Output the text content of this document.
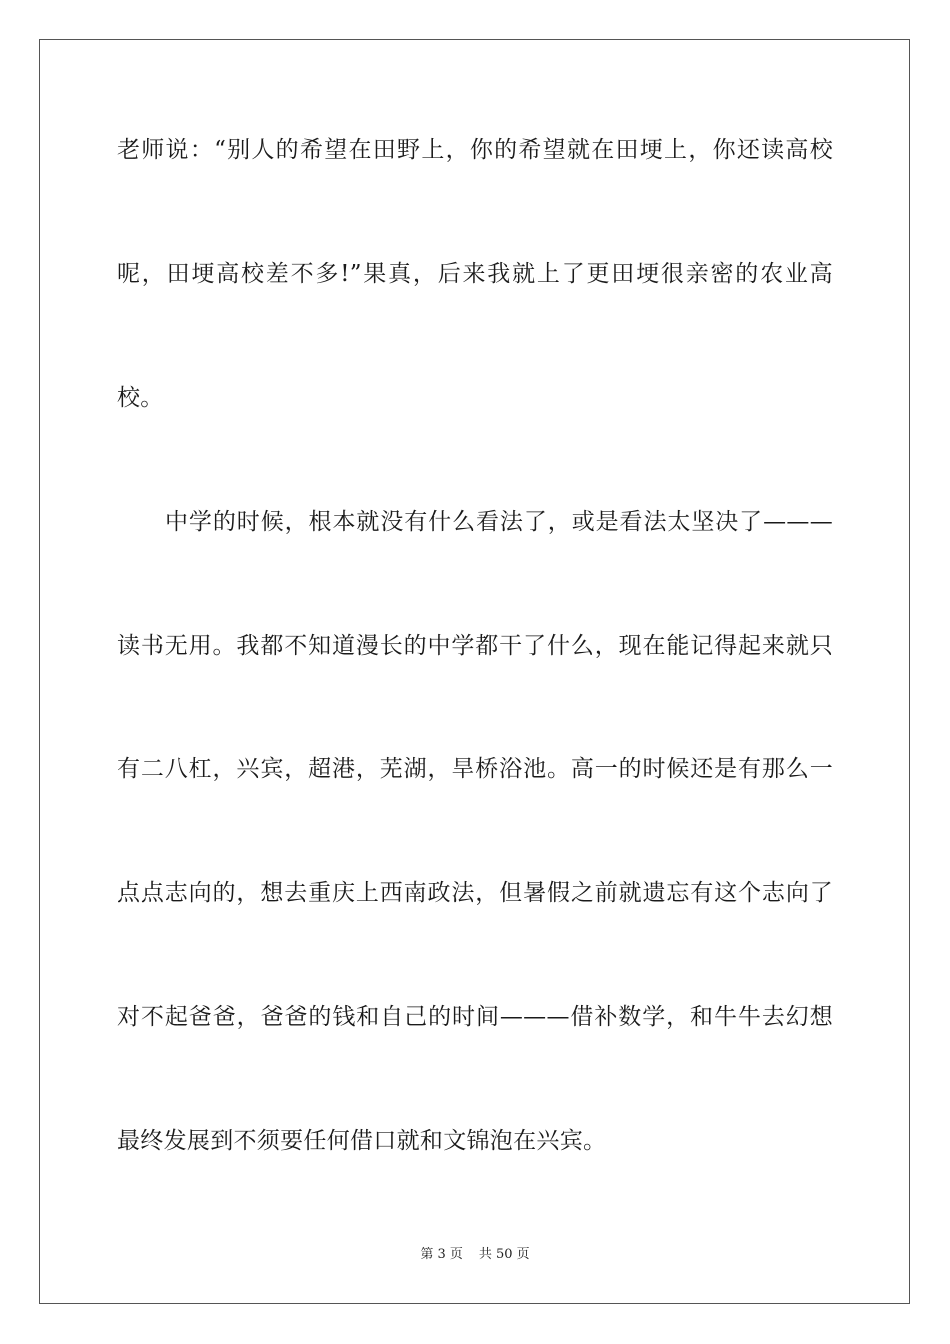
老师说：“别人的希望在田野上，你的希望就在田埂上，你还读高校
呢，田埂高校差不多!”果真，后来我就上了更田埂很亲密的农业高
校。
中学的时候，根本就没有什么看法了，或是看法太坚决了———
读书无用。我都不知道漫长的中学都干了什么，现在能记得起来就只
有二八杠，兴宾，超港，芜湖，旱桥浴池。高一的时候还是有那么一
点点志向的，想去重庆上西南政法，但暑假之前就遗忘有这个志向了
对不起爸爸，爸爸的钱和自己的时间———借补数学，和牛牛去幻想
最终发展到不须要任何借口就和文锦泡在兴宾。
第 3 页 共 50 页
